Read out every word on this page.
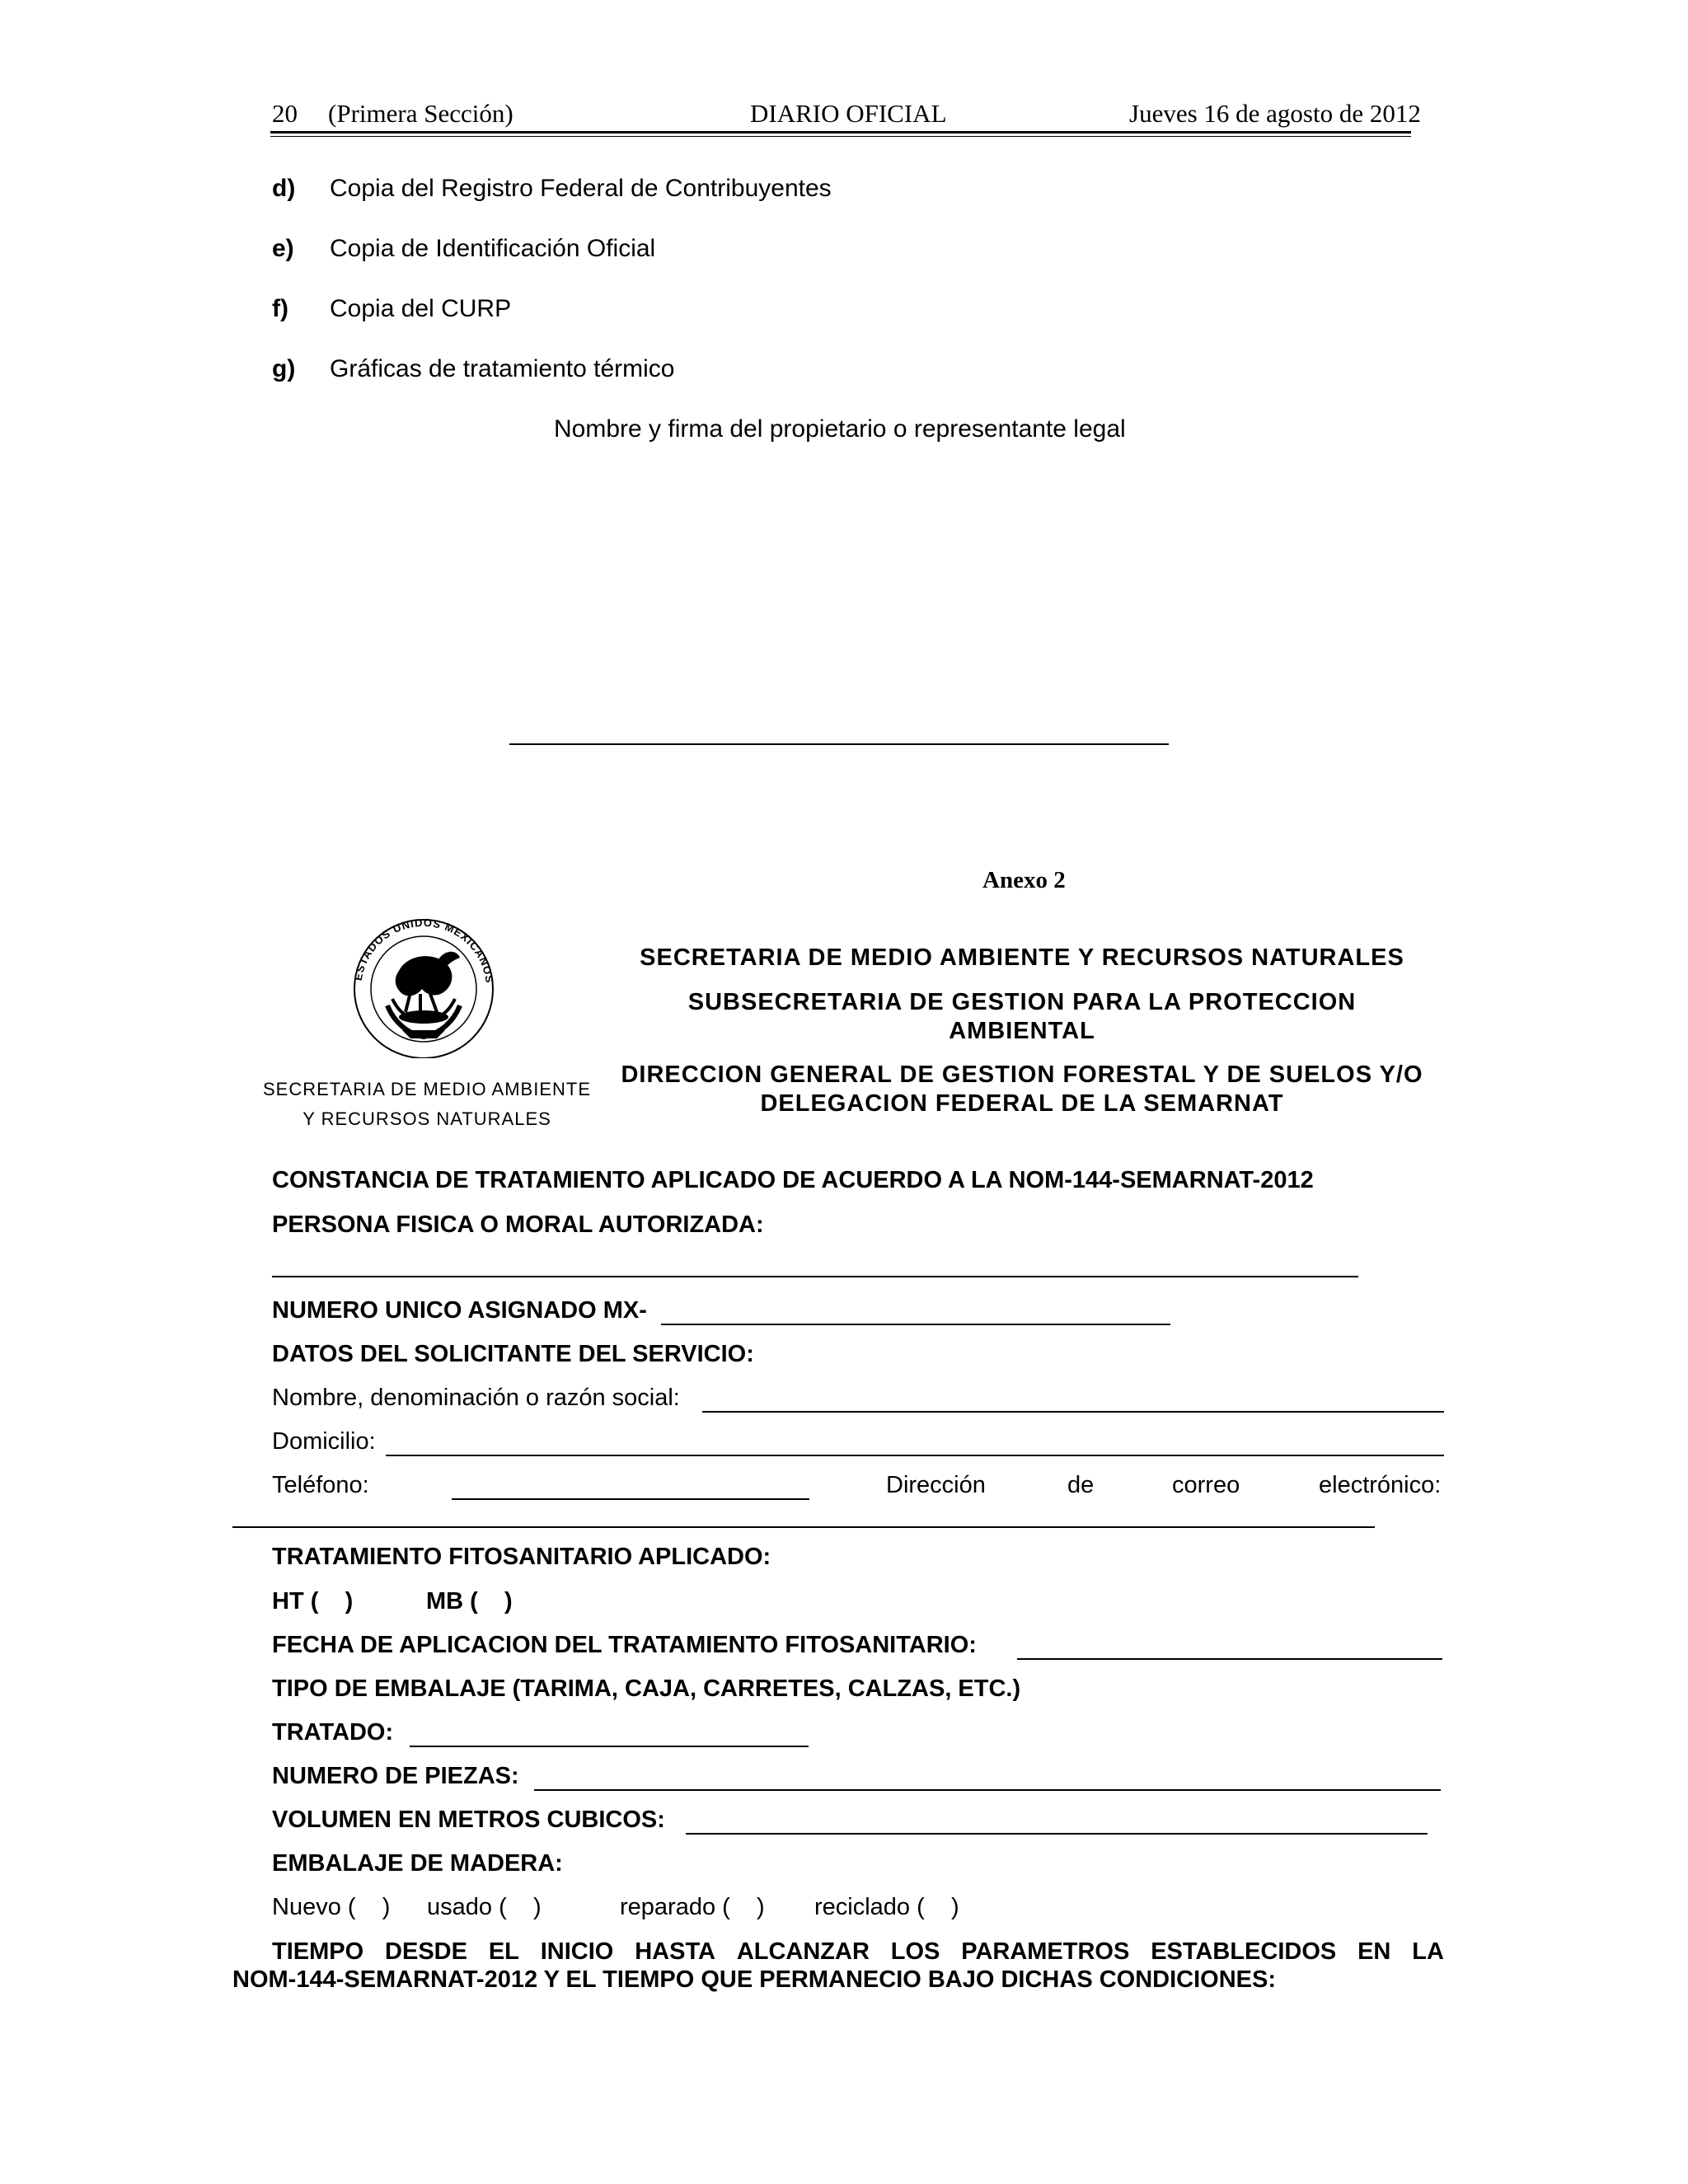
20 (Primera Sección)	DIARIO OFICIAL	Jueves 16 de agosto de 2012
d) Copia del Registro Federal de Contribuyentes
e) Copia de Identificación Oficial
f) Copia del CURP
g) Gráficas de tratamiento térmico
Nombre y firma del propietario o representante legal
Anexo 2
ESTADOS UNIDOS MEXICANOS
SECRETARIA DE MEDIO AMBIENTE
Y RECURSOS NATURALES
SECRETARIA DE MEDIO AMBIENTE Y RECURSOS NATURALES
SUBSECRETARIA DE GESTION PARA LA PROTECCION
AMBIENTAL
DIRECCION GENERAL DE GESTION FORESTAL Y DE SUELOS Y/O
DELEGACION FEDERAL DE LA SEMARNAT
CONSTANCIA DE TRATAMIENTO APLICADO DE ACUERDO A LA NOM-144-SEMARNAT-2012
PERSONA FISICA O MORAL AUTORIZADA:
NUMERO UNICO ASIGNADO MX-
DATOS DEL SOLICITANTE DEL SERVICIO:
Nombre, denominación o razón social:
Domicilio:
Teléfono:	Dirección	de	correo	electrónico:
TRATAMIENTO FITOSANITARIO APLICADO:
HT (    )	MB (    )
FECHA DE APLICACION DEL TRATAMIENTO FITOSANITARIO:
TIPO DE EMBALAJE (TARIMA, CAJA, CARRETES, CALZAS, ETC.)
TRATADO:
NUMERO DE PIEZAS:
VOLUMEN EN METROS CUBICOS:
EMBALAJE DE MADERA:
Nuevo (    ) usado (    )	reparado (    ) reciclado (    )
TIEMPO DESDE EL INICIO HASTA ALCANZAR LOS PARAMETROS ESTABLECIDOS EN LA
NOM-144-SEMARNAT-2012 Y EL TIEMPO QUE PERMANECIO BAJO DICHAS CONDICIONES:
